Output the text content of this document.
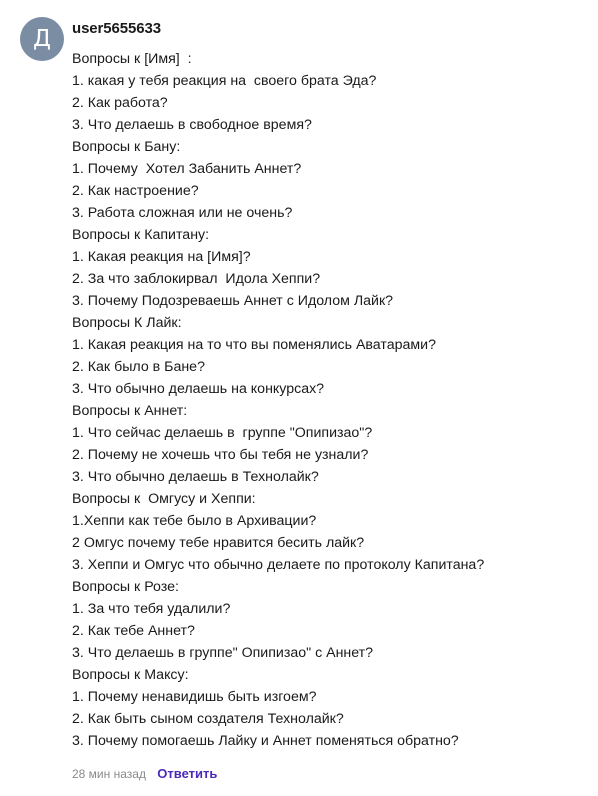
Д	user5655633
Вопросы к [Имя]  :
1. какая у тебя реакция на  своего брата Эда?
2. Как работа?
3. Что делаешь в свободное время?
Вопросы к Бану:
1. Почему  Хотел Забанить Аннет?
2. Как настроение?
3. Работа сложная или не очень?
Вопросы к Капитану:
1. Какая реакция на [Имя]?
2. За что заблокирвал  Идола Хеппи?
3. Почему Подозреваешь Аннет с Идолом Лайк?
Вопросы К Лайк:
1. Какая реакция на то что вы поменялись Аватарами?
2. Как было в Бане?
3. Что обычно делаешь на конкурсах?
Вопросы к Аннет:
1. Что сейчас делаешь в  группе "Опипизао"?
2. Почему не хочешь что бы тебя не узнали?
3. Что обычно делаешь в Технолайк?
Вопросы к  Омгусу и Хеппи:
1.Хеппи как тебе было в Архивации?
2 Омгус почему тебе нравится бесить лайк?
3. Хеппи и Омгус что обычно делаете по протоколу Капитана?
Вопросы к Розе:
1. За что тебя удалили?
2. Как тебе Аннет?
3. Что делаешь в группе" Опипизао" с Аннет?
Вопросы к Максу:
1. Почему ненавидишь быть изгоем?
2. Как быть сыном создателя Технолайк?
3. Почему помогаешь Лайку и Аннет поменяться обратно?
28 мин назад Ответить
